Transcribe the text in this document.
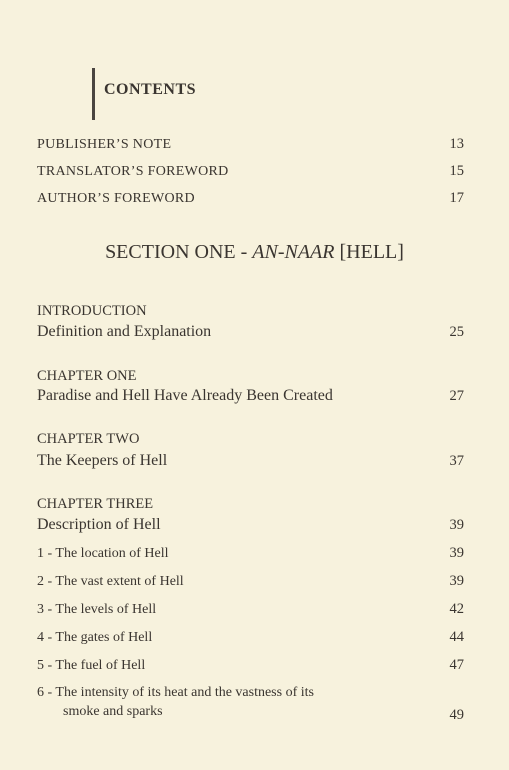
CONTENTS
PUBLISHER’S NOTE	13
TRANSLATOR’S FOREWORD	15
AUTHOR’S FOREWORD	17
SECTION ONE - AN-NAAR [HELL]
INTRODUCTION
Definition and Explanation	25
CHAPTER ONE
Paradise and Hell Have Already Been Created	27
CHAPTER TWO
The Keepers of Hell	37
CHAPTER THREE
Description of Hell	39
1 - The location of Hell	39
2 - The vast extent of Hell	39
3 - The levels of Hell	42
4 - The gates of Hell	44
5 - The fuel of Hell	47
6 - The intensity of its heat and the vastness of its
smoke and sparks	49
